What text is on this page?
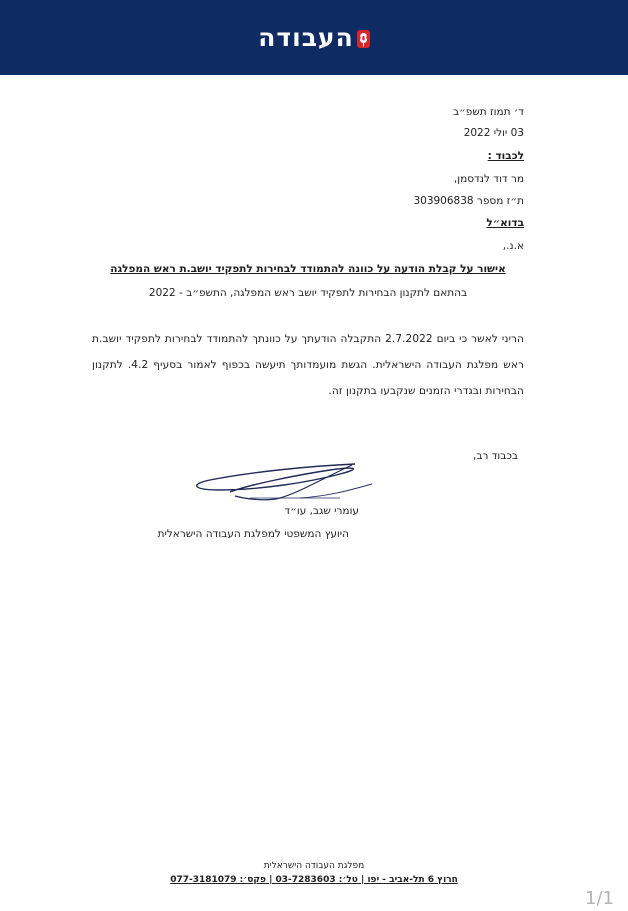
העבודה
ד׳ תמוז תשפ״ב
03 יולי 2022
לכבוד :
מר דוד לנדסמן,
ת״ז מספר 303906838
בדוא״ל
א.נ.,
אישור על קבלת הודעה על כוונה להתמודד לבחירות לתפקיד יושב.ת ראש המפלגה
בהתאם לתקנון הבחירות לתפקיד יושב ראש המפלגה, התשפ״ב - 2022
הריני לאשר כי ביום 2.7.2022 התקבלה הודעתך על כוונתך להתמודד לבחירות לתפקיד יושב.ת ראש מפלגת העבודה הישראלית. הגשת מועמדותך תיעשה בכפוף לאמור בסעיף 4.2. לתקנון הבחירות ובגדרי הזמנים שנקבעו בתקנון זה.
בכבוד רב,
עומרי שגב, עו״ד
היועץ המשפטי למפלגת העבודה הישראלית
מפלגת העבודה הישראלית
חרוץ 6 תל-אביב - יפו | טל׳: 03-7283603 | פקס׳: 077-3181079
1/1
